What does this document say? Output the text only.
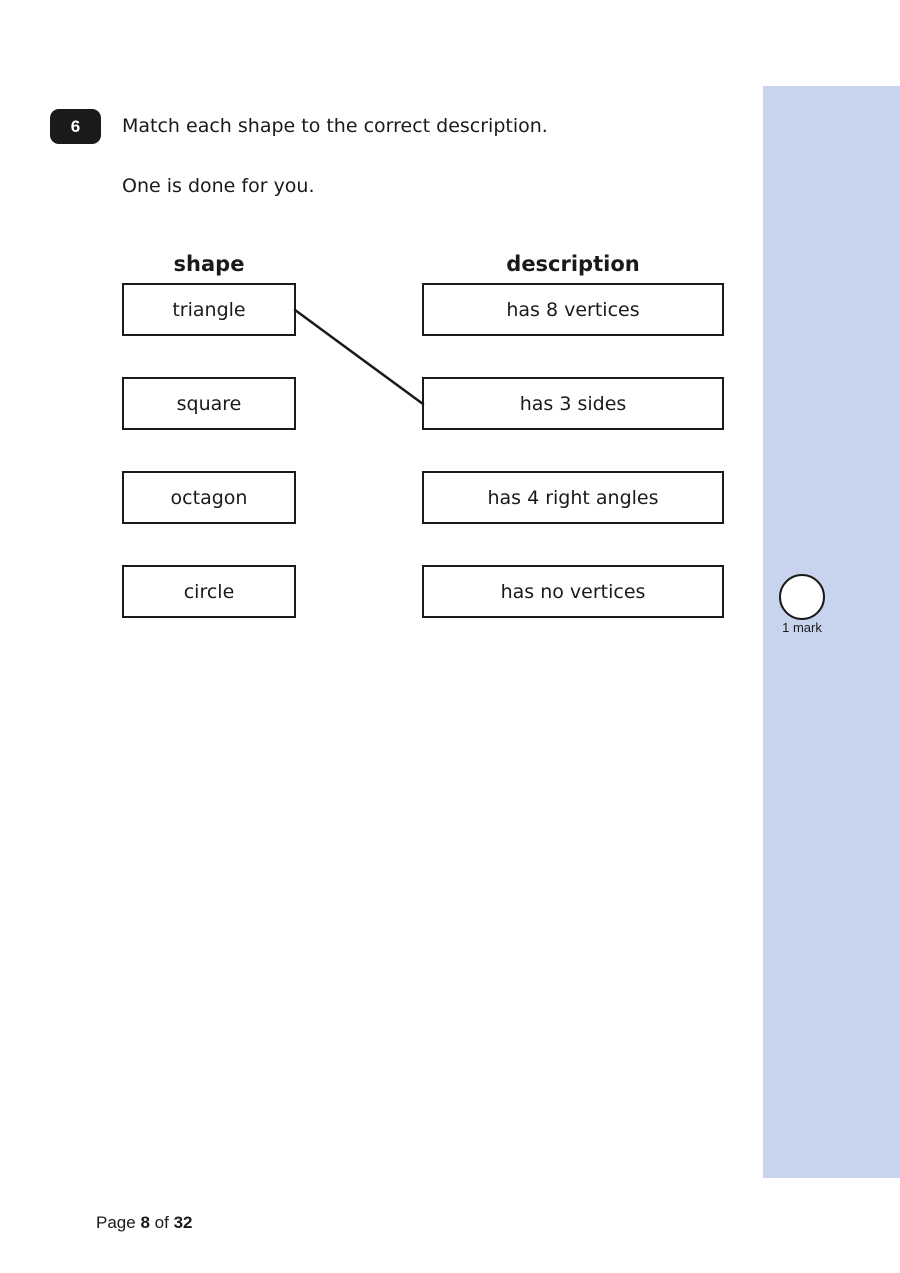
6	Match each shape to the correct description.
One is done for you.
shape	description
triangle
square
octagon
circle
has 8 vertices
has 3 sides
has 4 right angles
has no vertices
1 mark
Page 8 of 32
